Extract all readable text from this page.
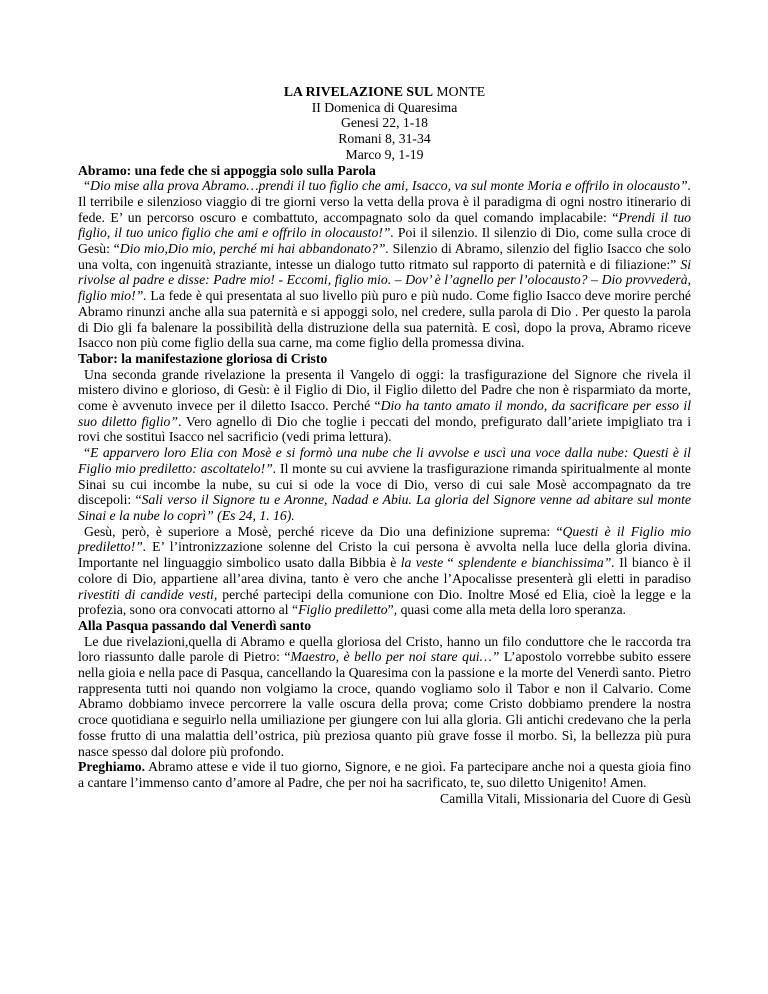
LA RIVELAZIONE SUL MONTE
II Domenica di Quaresima
Genesi 22, 1-18
Romani 8, 31-34
Marco 9, 1-19
Abramo: una fede che si appoggia solo sulla Parola

“Dio mise alla prova Abramo…prendi il tuo figlio che ami, Isacco, va sul monte Moria e offrilo in olocausto”. Il terribile e silenzioso viaggio di tre giorni verso la vetta della prova è il paradigma di ogni nostro itinerario di fede. E’ un percorso oscuro e combattuto, accompagnato solo da quel comando implacabile: “Prendi il tuo figlio, il tuo unico figlio che ami e offrilo in olocausto!”. Poi il silenzio. Il silenzio di Dio, come sulla croce di Gesù: “Dio mio,Dio mio, perché mi hai abbandonato?”. Silenzio di Abramo, silenzio del figlio Isacco che solo una volta, con ingenuità straziante, intesse un dialogo tutto ritmato sul rapporto di paternità e di filiazione:” Si rivolse al padre e disse: Padre mio! - Eccomi, figlio mio. – Dov’ è l’agnello per l’olocausto? – Dio provvederà, figlio mio!”. La fede è qui presentata al suo livello più puro e più nudo. Come figlio Isacco deve morire perché Abramo rinunzi anche alla sua paternità e si appoggi solo, nel credere, sulla parola di Dio . Per questo la parola di Dio gli fa balenare la possibilità della distruzione della sua paternità. E così, dopo la prova, Abramo riceve Isacco non più come figlio della sua carne, ma come figlio della promessa divina.

Tabor: la manifestazione gloriosa di Cristo

Una seconda grande rivelazione la presenta il Vangelo di oggi: la trasfigurazione del Signore che rivela il mistero divino e glorioso, di Gesù: è il Figlio di Dio, il Figlio diletto del Padre che non è risparmiato da morte, come è avvenuto invece per il diletto Isacco. Perché “Dio ha tanto amato il mondo, da sacrificare per esso il suo diletto figlio”. Vero agnello di Dio che toglie i peccati del mondo, prefigurato dall’ariete impigliato tra i rovi che sostituì Isacco nel sacrificio (vedi prima lettura).

“E apparvero loro Elia con Mosè e si formò una nube che li avvolse e uscì una voce dalla nube: Questi è il Figlio mio prediletto: ascoltatelo!”. Il monte su cui avviene la trasfigurazione rimanda spiritualmente al monte Sinai su cui incombe la nube, su cui si ode la voce di Dio, verso di cui sale Mosè accompagnato da tre discepoli: “Sali verso il Signore tu e Aronne, Nadad e Abiu. La gloria del Signore venne ad abitare sul monte Sinai e la nube lo coprì” (Es 24, 1. 16).

Gesù, però, è superiore a Mosè, perché riceve da Dio una definizione suprema: “Questi è il Figlio mio prediletto!”. E’ l’intronizzazione solenne del Cristo la cui persona è avvolta nella luce della gloria divina. Importante nel linguaggio simbolico usato dalla Bibbia è la veste “ splendente e bianchissima”. Il bianco è il colore di Dio, appartiene all’area divina, tanto è vero che anche l’Apocalisse presenterà gli eletti in paradiso rivestiti di candide vesti, perché partecipi della comunione con Dio. Inoltre Mosé ed Elia, cioè la legge e la profezia, sono ora convocati attorno al “Figlio prediletto”, quasi come alla meta della loro speranza.

Alla Pasqua passando dal Venerdì santo

Le due rivelazioni,quella di Abramo e quella gloriosa del Cristo, hanno un filo conduttore che le raccorda tra loro riassunto dalle parole di Pietro: “Maestro, è bello per noi stare qui…” L’apostolo vorrebbe subito essere nella gioia e nella pace di Pasqua, cancellando la Quaresima con la passione e la morte del Venerdì santo. Pietro rappresenta tutti noi quando non volgiamo la croce, quando vogliamo solo il Tabor e non il Calvario. Come Abramo dobbiamo invece percorrere la valle oscura della prova; come Cristo dobbiamo prendere la nostra croce quotidiana e seguirlo nella umiliazione per giungere con lui alla gloria. Gli antichi credevano che la perla fosse frutto di una malattia dell’ostrica, più preziosa quanto più grave fosse il morbo. Sì, la bellezza più pura nasce spesso dal dolore più profondo.

Preghiamo. Abramo attese e vide il tuo giorno, Signore, e ne gioì. Fa partecipare anche noi a questa gioia fino a cantare l’immenso canto d’amore al Padre, che per noi ha sacrificato, te, suo diletto Unigenito! Amen.

Camilla Vitali, Missionaria del Cuore di Gesù
